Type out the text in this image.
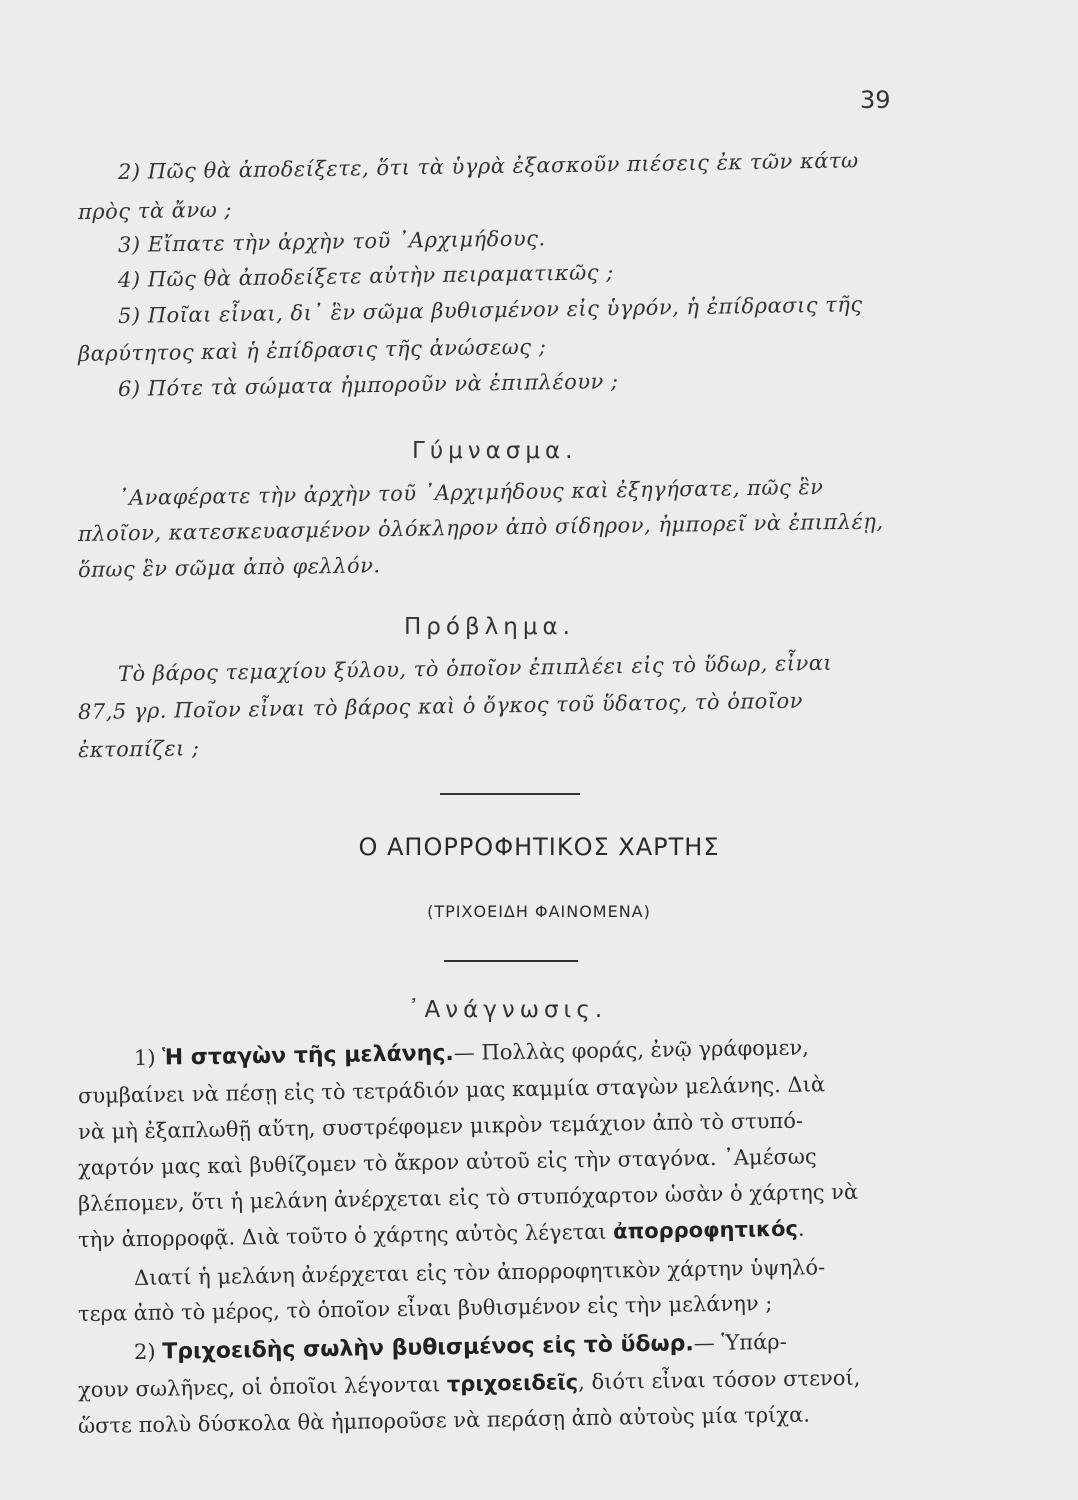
39
2) Πῶς θὰ ἀποδείξετε, ὅτι τὰ ὑγρὰ ἐξασκοῦν πιέσεις ἐκ τῶν κάτω
πρὸς τὰ ἄνω ;
3) Εἴπατε τὴν ἀρχὴν τοῦ ᾿Αρχιμήδους.
4) Πῶς θὰ ἀποδείξετε αὐτὴν πειραματικῶς ;
5) Ποῖαι εἶναι, δι᾿ ἓν σῶμα βυθισμένον εἰς ὑγρόν, ἡ ἐπίδρασις τῆς
βαρύτητος καὶ ἡ ἐπίδρασις τῆς ἀνώσεως ;
6) Πότε τὰ σώματα ἠμποροῦν νὰ ἐπιπλέουν ;
Γύμνασμα.
᾿Αναφέρατε τὴν ἀρχὴν τοῦ ᾿Αρχιμήδους καὶ ἐξηγήσατε, πῶς ἓν
πλοῖον, κατεσκευασμένον ὁλόκληρον ἀπὸ σίδηρον, ἠμπορεῖ νὰ ἐπιπλέῃ,
ὅπως ἓν σῶμα ἀπὸ φελλόν.
Πρόβλημα.
Τὸ βάρος τεμαχίου ξύλου, τὸ ὁποῖον ἐπιπλέει εἰς τὸ ὕδωρ, εἶναι
87,5 γρ. Ποῖον εἶναι τὸ βάρος καὶ ὁ ὄγκος τοῦ ὕδατος, τὸ ὁποῖον
ἐκτοπίζει ;
Ο ΑΠΟΡΡΟΦΗΤΙΚΟΣ ΧΑΡΤΗΣ
(ΤΡΙΧΟΕΙΔΗ ΦΑΙΝΟΜΕΝΑ)
᾿Ανάγνωσις.
1) Ἡ σταγὼν τῆς μελάνης.— Πολλὰς φοράς, ἐνῷ γράφομεν,
συμβαίνει νὰ πέσῃ εἰς τὸ τετράδιόν μας καμμία σταγὼν μελάνης. Διὰ
νὰ μὴ ἐξαπλωθῇ αὕτη, συστρέφομεν μικρὸν τεμάχιον ἀπὸ τὸ στυπό-
χαρτόν μας καὶ βυθίζομεν τὸ ἄκρον αὐτοῦ εἰς τὴν σταγόνα. ᾿Αμέσως
βλέπομεν, ὅτι ἡ μελάνη ἀνέρχεται εἰς τὸ στυπόχαρτον ὡσὰν ὁ χάρτης νὰ
τὴν ἀπορροφᾷ. Διὰ τοῦτο ὁ χάρτης αὐτὸς λέγεται ἀπορροφητικός.
Διατί ἡ μελάνη ἀνέρχεται εἰς τὸν ἀπορροφητικὸν χάρτην ὑψηλό-
τερα ἀπὸ τὸ μέρος, τὸ ὁποῖον εἶναι βυθισμένον εἰς τὴν μελάνην ;
2) Τριχοειδὴς σωλὴν βυθισμένος εἰς τὸ ὕδωρ.— Ὑπάρ-
χουν σωλῆνες, οἱ ὁποῖοι λέγονται τριχοειδεῖς, διότι εἶναι τόσον στενοί,
ὥστε πολὺ δύσκολα θὰ ἠμποροῦσε νὰ περάσῃ ἀπὸ αὐτοὺς μία τρίχα.
